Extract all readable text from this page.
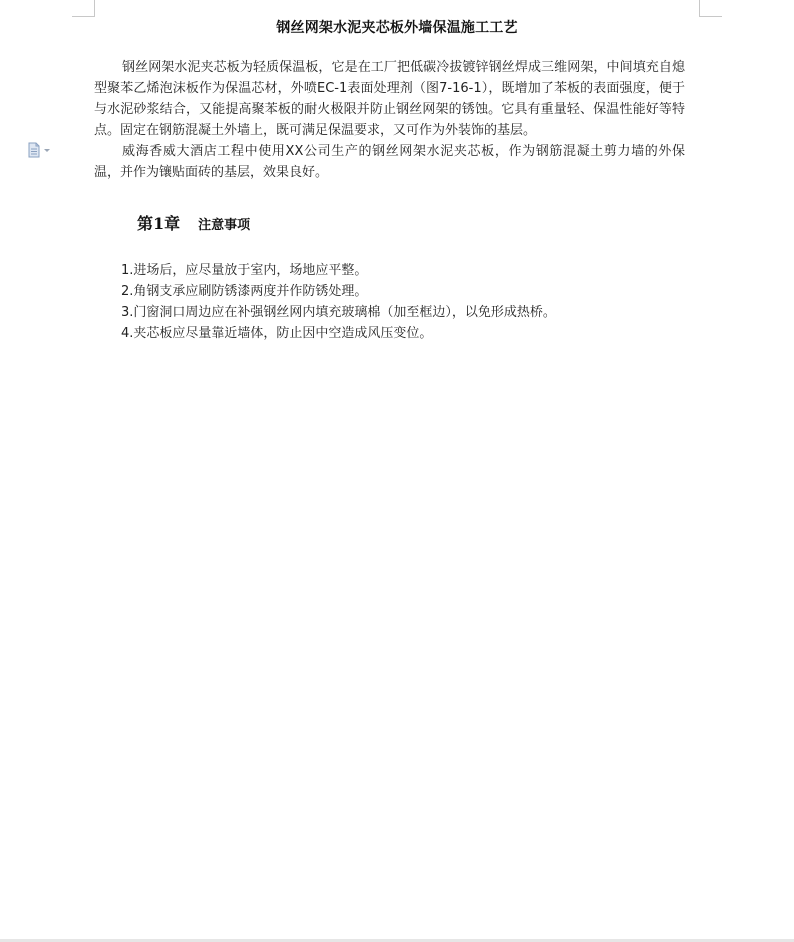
钢丝网架水泥夹芯板外墙保温施工工艺

钢丝网架水泥夹芯板为轻质保温板，它是在工厂把低碳冷拔镀锌钢丝焊成三维网架，中间填充自熄型聚苯乙烯泡沫板作为保温芯材，外喷EC-1表面处理剂（图7-16-1），既增加了苯板的表面强度，便于与水泥砂浆结合，又能提高聚苯板的耐火极限并防止钢丝网架的锈蚀。它具有重量轻、保温性能好等特点。固定在钢筋混凝土外墙上，既可满足保温要求，又可作为外装饰的基层。

威海香威大酒店工程中使用XX公司生产的钢丝网架水泥夹芯板，作为钢筋混凝土剪力墙的外保温，并作为镶贴面砖的基层，效果良好。

第1章 注意事项
1.进场后，应尽量放于室内，场地应平整。
2.角钢支承应刷防锈漆两度并作防锈处理。
3.门窗洞口周边应在补强钢丝网内填充玻璃棉（加至框边），以免形成热桥。
4.夹芯板应尽量靠近墙体，防止因中空造成风压变位。
